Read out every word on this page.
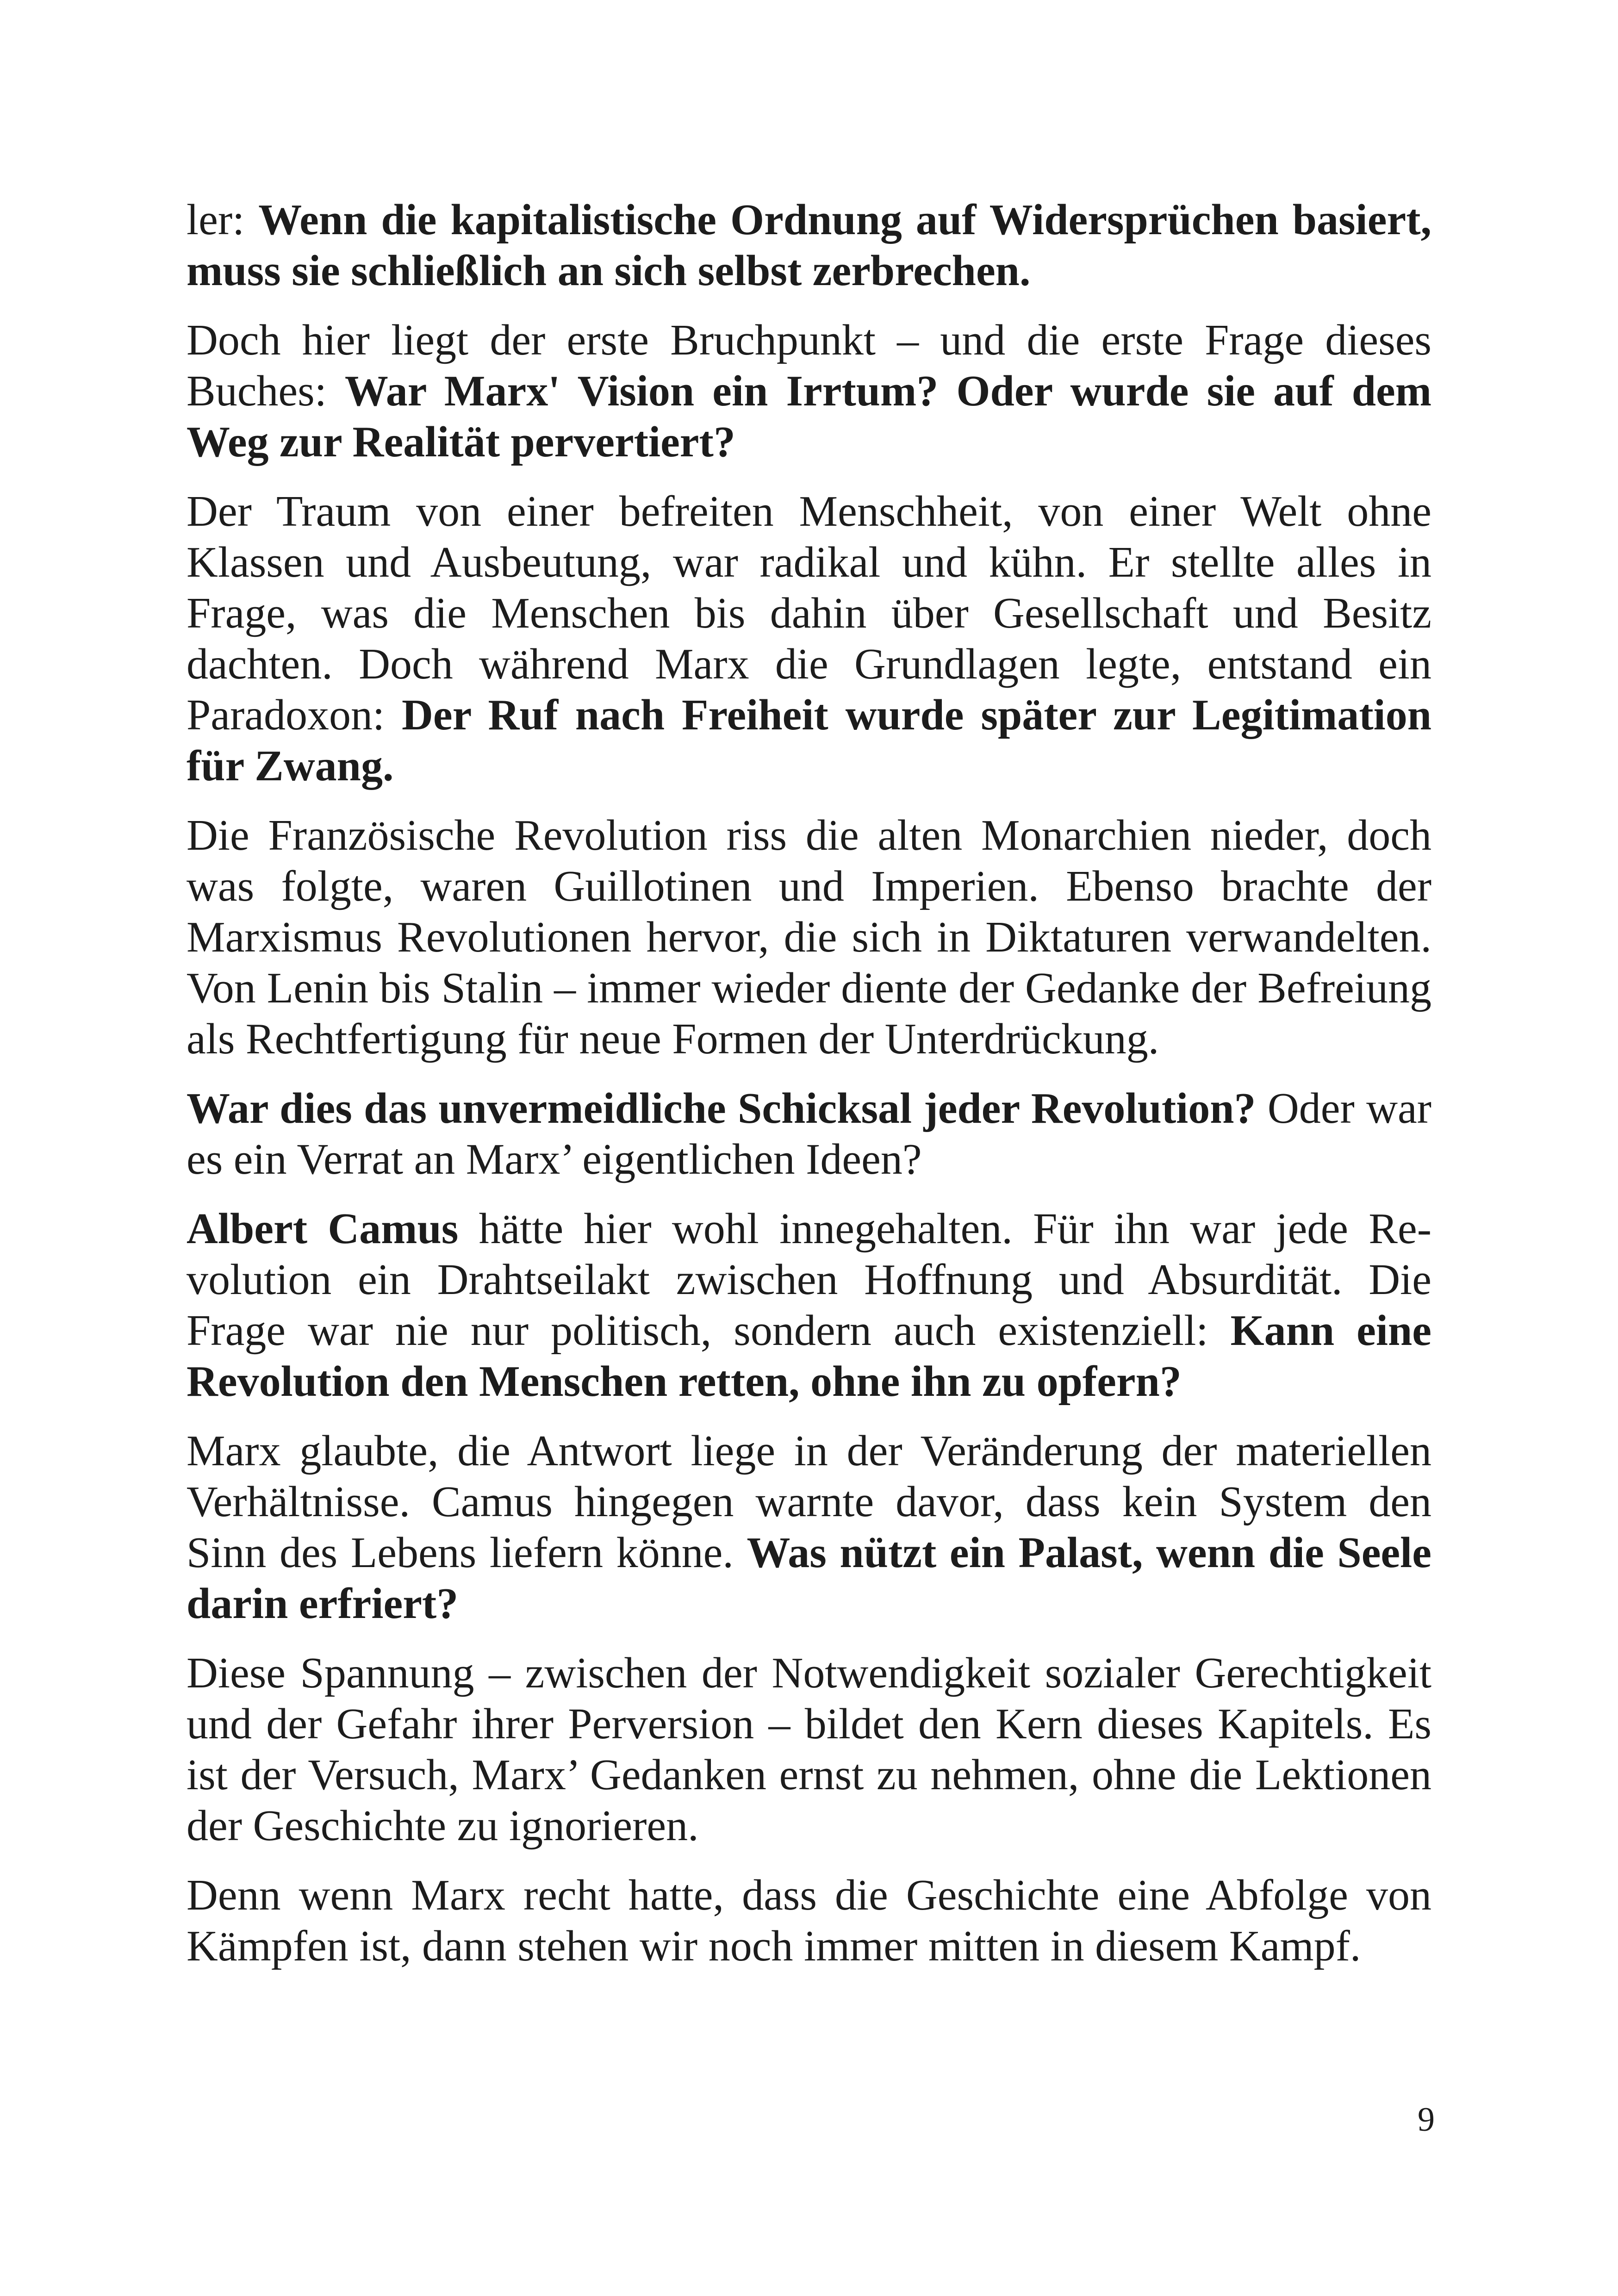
ler: Wenn die kapitalistische Ordnung auf Widersprüchen basiert, muss sie schließlich an sich selbst zerbrechen.

Doch hier liegt der erste Bruchpunkt – und die erste Frage dieses Buches: War Marx' Vision ein Irrtum? Oder wurde sie auf dem Weg zur Realität pervertiert?

Der Traum von einer befreiten Menschheit, von einer Welt ohne Klassen und Ausbeutung, war radikal und kühn. Er stellte alles in Frage, was die Menschen bis dahin über Gesellschaft und Besitz dachten. Doch während Marx die Grundlagen legte, entstand ein Paradoxon: Der Ruf nach Freiheit wurde später zur Legitimation für Zwang.

Die Französische Revolution riss die alten Monarchien nieder, doch was folgte, waren Guillotinen und Imperien. Ebenso brachte der Marxismus Revolutionen hervor, die sich in Diktaturen verwandelten. Von Lenin bis Stalin – immer wieder diente der Gedanke der Befreiung als Rechtfertigung für neue Formen der Unterdrückung.

War dies das unvermeidliche Schicksal jeder Revolution? Oder war es ein Verrat an Marx’ eigentlichen Ideen?

Albert Camus hätte hier wohl innegehalten. Für ihn war jede Revolution ein Drahtseilakt zwischen Hoffnung und Absurdität. Die Frage war nie nur politisch, sondern auch existenziell: Kann eine Revolution den Menschen retten, ohne ihn zu opfern?

Marx glaubte, die Antwort liege in der Veränderung der materiellen Verhältnisse. Camus hingegen warnte davor, dass kein System den Sinn des Lebens liefern könne. Was nützt ein Palast, wenn die Seele darin erfriert?

Diese Spannung – zwischen der Notwendigkeit sozialer Gerechtigkeit und der Gefahr ihrer Perversion – bildet den Kern dieses Kapitels. Es ist der Versuch, Marx’ Gedanken ernst zu nehmen, ohne die Lektionen der Geschichte zu ignorieren.

Denn wenn Marx recht hatte, dass die Geschichte eine Abfolge von Kämpfen ist, dann stehen wir noch immer mitten in diesem Kampf.

9
